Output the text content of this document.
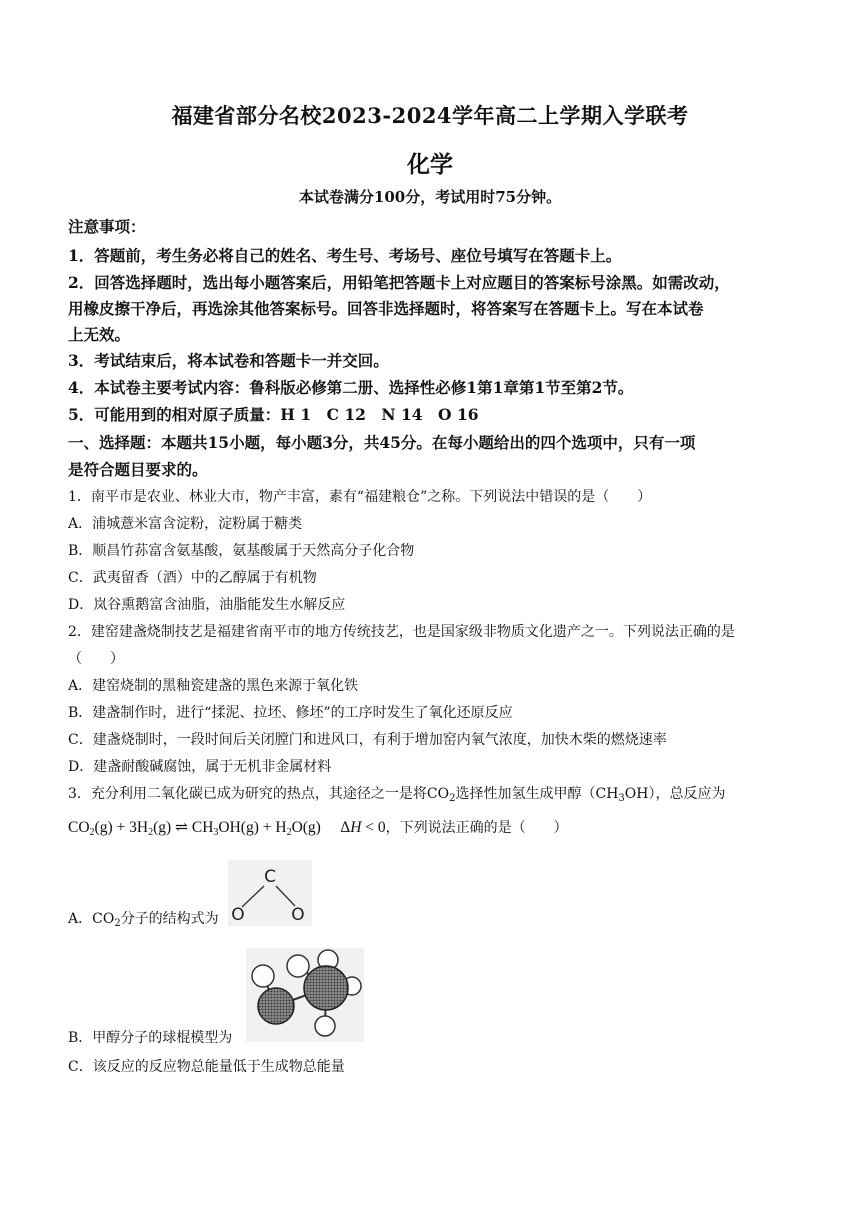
福建省部分名校2023-2024学年高二上学期入学联考
化学
本试卷满分100分，考试用时75分钟。
注意事项：
1．答题前，考生务必将自己的姓名、考生号、考场号、座位号填写在答题卡上。
2．回答选择题时，选出每小题答案后，用铅笔把答题卡上对应题目的答案标号涂黑。如需改动，
用橡皮擦干净后，再选涂其他答案标号。回答非选择题时，将答案写在答题卡上。写在本试卷
上无效。
3．考试结束后，将本试卷和答题卡一并交回。
4．本试卷主要考试内容：鲁科版必修第二册、选择性必修1第1章第1节至第2节。
5．可能用到的相对原子质量：H 1　C 12　N 14　O 16
一、选择题：本题共15小题，每小题3分，共45分。在每小题给出的四个选项中，只有一项
是符合题目要求的。
1．南平市是农业、林业大市，物产丰富，素有“福建粮仓”之称。下列说法中错误的是（　　）
A．浦城薏米富含淀粉，淀粉属于糖类
B．顺昌竹荪富含氨基酸，氨基酸属于天然高分子化合物
C．武夷留香（酒）中的乙醇属于有机物
D．岚谷熏鹅富含油脂，油脂能发生水解反应
2．建窑建盏烧制技艺是福建省南平市的地方传统技艺，也是国家级非物质文化遗产之一。下列说法正确的是
（　　）
A．建窑烧制的黑釉瓷建盏的黑色来源于氧化铁
B．建盏制作时，进行“揉泥、拉坯、修坯”的工序时发生了氧化还原反应
C．建盏烧制时，一段时间后关闭膛门和进风口，有利于增加窑内氧气浓度，加快木柴的燃烧速率
D．建盏耐酸碱腐蚀，属于无机非金属材料
3．充分利用二氧化碳已成为研究的热点，其途径之一是将$CO_2$选择性加氢生成甲醇$(CH_3OH)$，总反应为
$CO_2(g) + 3H_2(g)$ ⇌ $CH_3OH(g) + H_2O(g)$　 ΔH < 0，下列说法正确的是（　　）
A．$CO_2$分子的结构式为
C
O	O
B．甲醇分子的球棍模型为
C．该反应的反应物总能量低于生成物总能量
